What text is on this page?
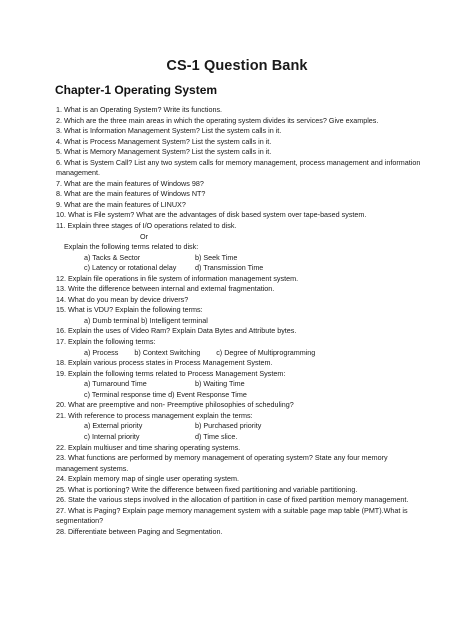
CS-1 Question Bank
Chapter-1 Operating System
1. What is an Operating System? Write its functions.
2. Which are the three main areas in which the operating system divides its services? Give examples.
3. What is Information Management System? List the system calls in it.
4. What is Process Management System? List the system calls in it.
5. What is Memory Management System? List the system calls in it.
6. What is System Call? List any two system calls for memory management, process management and information
management.
7. What are the main features of Windows 98?
8. What are the main features of Windows NT?
9. What are the main features of LINUX?
10. What is File system? What are the advantages of disk based system over tape-based system.
11. Explain three stages of I/O operations related to disk.
Or
Explain the following terms related to disk:
a) Tacks & Sector	b) Seek Time
c) Latency or rotational delay	d) Transmission Time
12. Explain file operations in file system of information management system.
13. Write the difference between internal and external fragmentation.
14. What do you mean by device drivers?
15. What is VDU? Explain the following terms:
a) Dumb terminal b) Intelligent terminal
16. Explain the uses of Video Ram? Explain Data Bytes and Attribute bytes.
17. Explain the following terms:
a) Process        b) Context Switching        c) Degree of Multiprogramming
18. Explain various process states in Process Management System.
19. Explain the following terms related to Process Management System:
a) Turnaround Time	b) Waiting Time
c) Terminal response time d) Event Response Time
20. What are preemptive and non- Preemptive philosophies of scheduling?
21. With reference to process management explain the terms:
a) External priority	b) Purchased priority
c) Internal priority	d) Time slice.
22. Explain multiuser and time sharing operating systems.
23. What functions are performed by memory management of operating system? State any four memory
management systems.
24. Explain memory map of single user operating system.
25. What is portioning? Write the difference between fixed partitioning and variable partitioning.
26. State the various steps involved in the allocation of partition in case of fixed partition memory management.
27. What is Paging? Explain page memory management system with a suitable page map table (PMT).What is
segmentation?
28. Differentiate between Paging and Segmentation.
